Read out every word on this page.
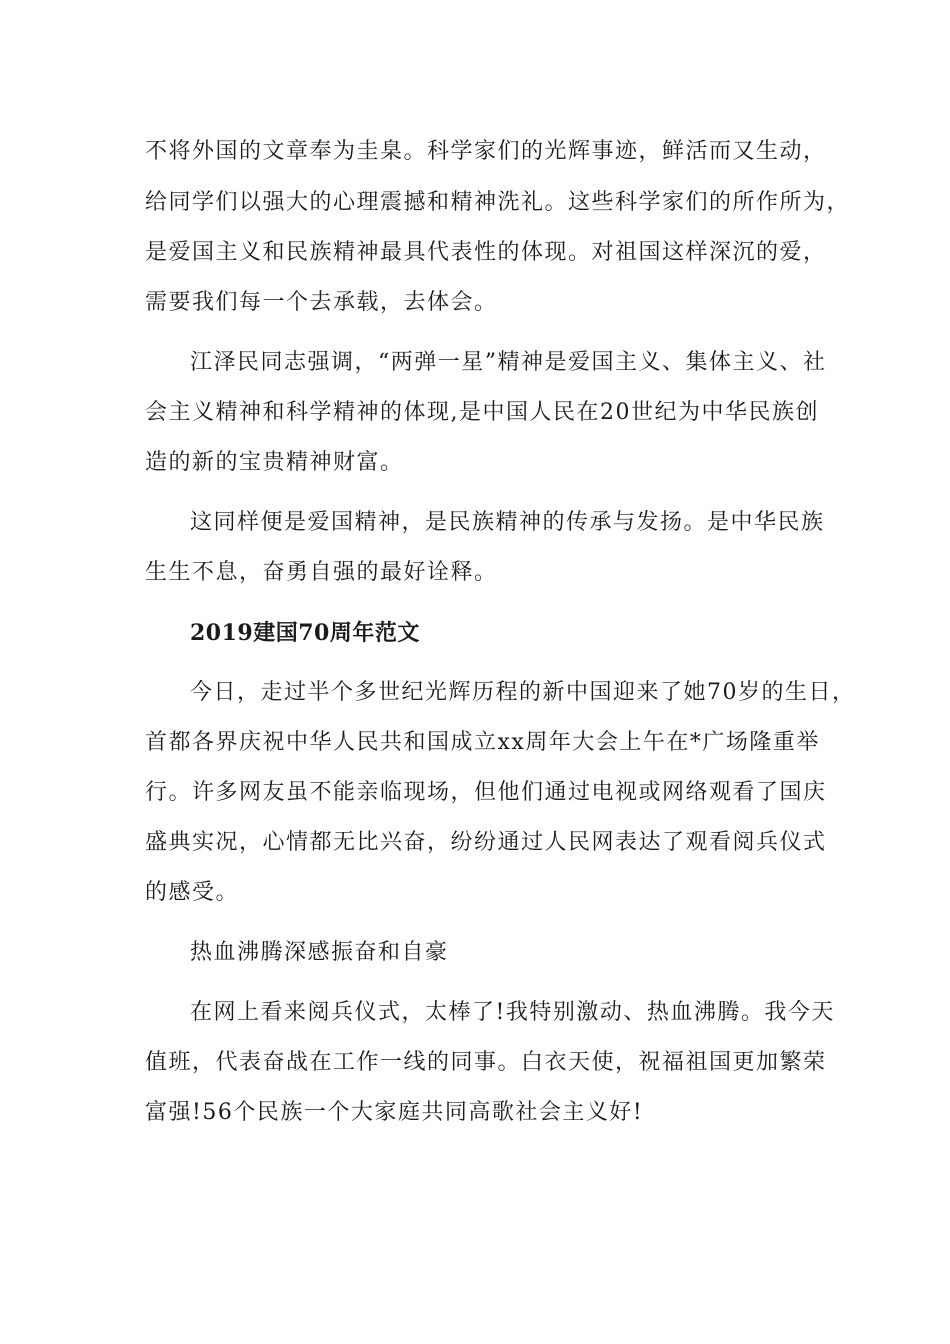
不将外国的文章奉为圭臬。科学家们的光辉事迹，鲜活而又生动，
给同学们以强大的心理震撼和精神洗礼。这些科学家们的所作所为，
是爱国主义和民族精神最具代表性的体现。对祖国这样深沉的爱，
需要我们每一个去承载，去体会。
江泽民同志强调，“两弹一星”精神是爱国主义、集体主义、社
会主义精神和科学精神的体现,是中国人民在20世纪为中华民族创
造的新的宝贵精神财富。
这同样便是爱国精神，是民族精神的传承与发扬。是中华民族
生生不息，奋勇自强的最好诠释。
2019建国70周年范文
今日，走过半个多世纪光辉历程的新中国迎来了她70岁的生日，
首都各界庆祝中华人民共和国成立xx周年大会上午在*广场隆重举
行。许多网友虽不能亲临现场，但他们通过电视或网络观看了国庆
盛典实况，心情都无比兴奋，纷纷通过人民网表达了观看阅兵仪式
的感受。
热血沸腾深感振奋和自豪
在网上看来阅兵仪式，太棒了!我特别激动、热血沸腾。我今天
值班，代表奋战在工作一线的同事。白衣天使，祝福祖国更加繁荣
富强!56个民族一个大家庭共同高歌社会主义好!
